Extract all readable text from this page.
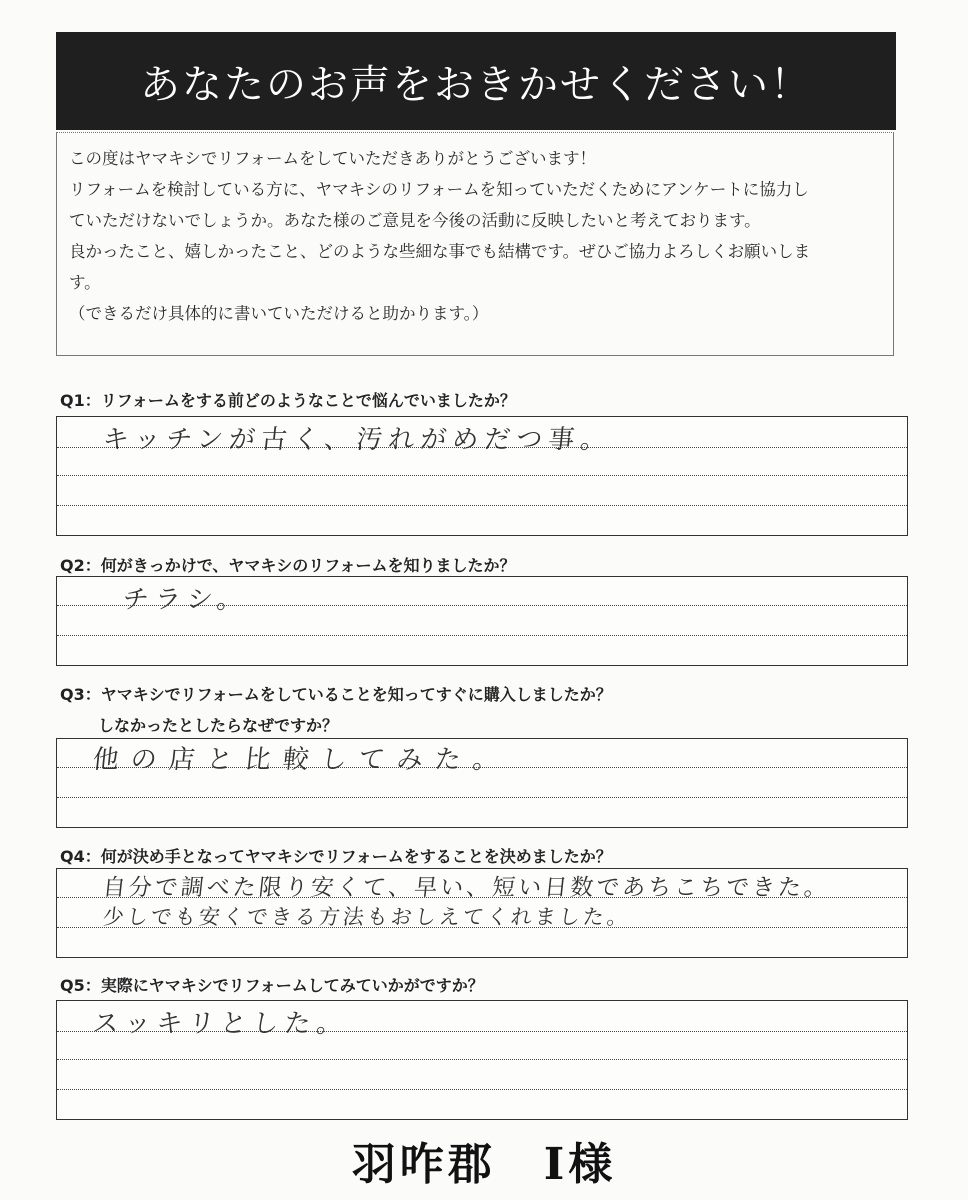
あなたのお声をおきかせください！

この度はヤマキシでリフォームをしていただきありがとうございます！

リフォームを検討している方に、ヤマキシのリフォームを知っていただくためにアンケートに協力し

ていただけないでしょうか。あなた様のご意見を今後の活動に反映したいと考えております。

良かったこと、嬉しかったこと、どのような些細な事でも結構です。ぜひご協力よろしくお願いしま

す。

（できるだけ具体的に書いていただけると助かります。）

Q1：リフォームをする前どのようなことで悩んでいましたか？
キッチンが古く、汚れがめだつ事。
Q2：何がきっかけで、ヤマキシのリフォームを知りましたか？
チラシ。
Q3：ヤマキシでリフォームをしていることを知ってすぐに購入しましたか？
しなかったとしたらなぜですか？
他の店と比較してみた。
Q4：何が決め手となってヤマキシでリフォームをすることを決めましたか？
自分で調べた限り安くて、早い、短い日数であちこちできた。
少しでも安くできる方法もおしえてくれました。
Q5：実際にヤマキシでリフォームしてみていかがですか？
スッキリとした。
羽咋郡　I様
